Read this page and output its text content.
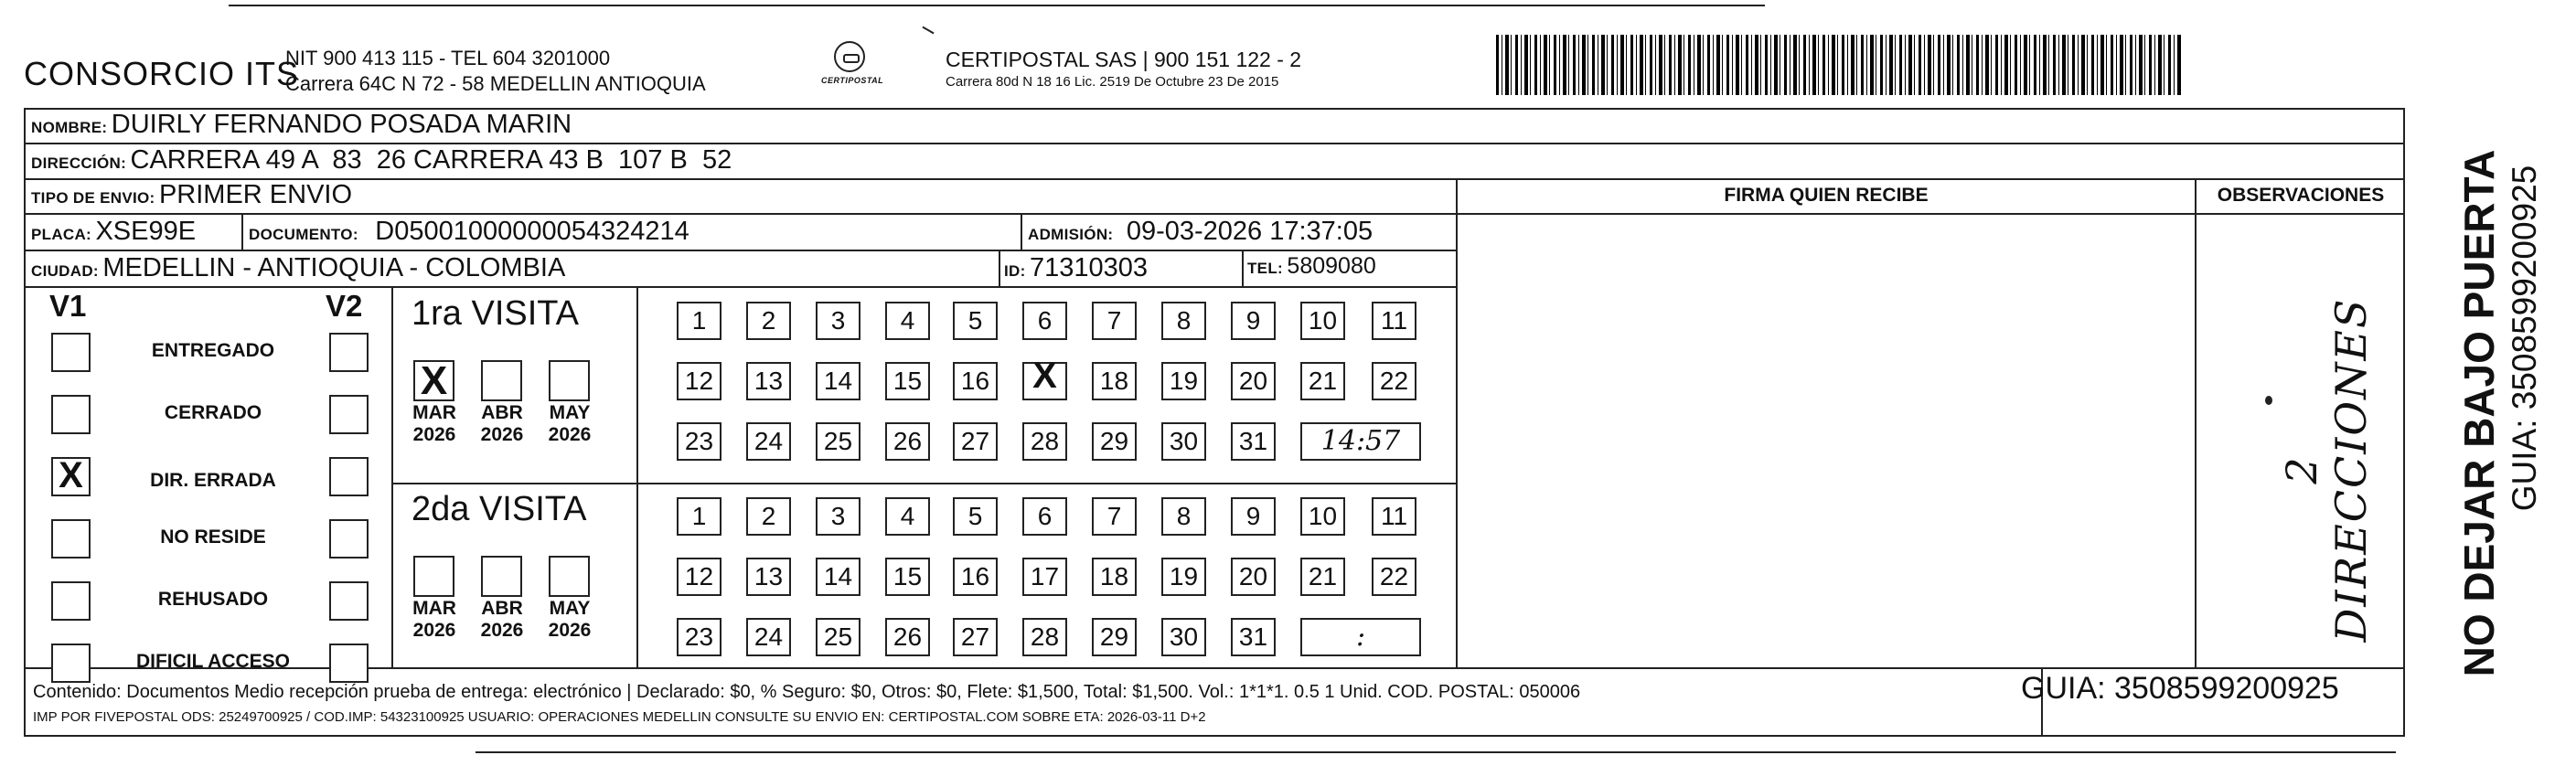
CONSORCIO ITS
NIT 900 413 115 - TEL 604 3201000
Carrera 64C N 72 - 58 MEDELLIN ANTIOQUIA	CERTIPOSTAL
CERTIPOSTAL SAS | 900 151 122 - 2
Carrera 80d N 18 16 Lic. 2519 De Octubre 23 De 2015
NOMBRE: DUIRLY FERNANDO POSADA MARIN
DIRECCIÓN: CARRERA 49 A  83  26 CARRERA 43 B  107 B  52
TIPO DE ENVIO: PRIMER ENVIO	FIRMA QUIEN RECIBE	OBSERVACIONES
PLACA: XSE99E	DOCUMENTO: D05001000000054324214	ADMISIÓN: 09-03-2026 17:37:05
CIUDAD: MEDELLIN - ANTIOQUIA - COLOMBIA	ID: 71310303	TEL: 5809080
V1	V2
ENTREGADO
CERRADO
X
DIR. ERRADA
NO RESIDE
REHUSADO
DIFICIL ACCESO
1ra VISITA
X
MAR
2026
ABR
2026
MAY
2026
1	2	3	4	5	6	7	8	9	10	11
12	13	14	15	16
X	18	19	20	21	22
23	24	25	26	27	28	29	30	31	14:57
2da VISITA
MAR
2026
ABR
2026
MAY
2026
1	2	3	4	5	6	7	8	9	10	11
12	13	14	15	16	17	18	19	20	21	22
23	24	25	26	27	28	29	30	31	:
2 DIRECCIONES
Contenido: Documentos Medio recepción prueba de entrega: electrónico | Declarado: $0, % Seguro: $0, Otros: $0, Flete: $1,500, Total: $1,500. Vol.: 1*1*1. 0.5 1 Unid. COD. POSTAL: 050006
IMP POR FIVEPOSTAL ODS: 25249700925 / COD.IMP: 54323100925 USUARIO: OPERACIONES MEDELLIN CONSULTE SU ENVIO EN: CERTIPOSTAL.COM SOBRE ETA: 2026-03-11 D+2
GUIA: 3508599200925
NO DEJAR BAJO PUERTA GUIA: 3508599200925
